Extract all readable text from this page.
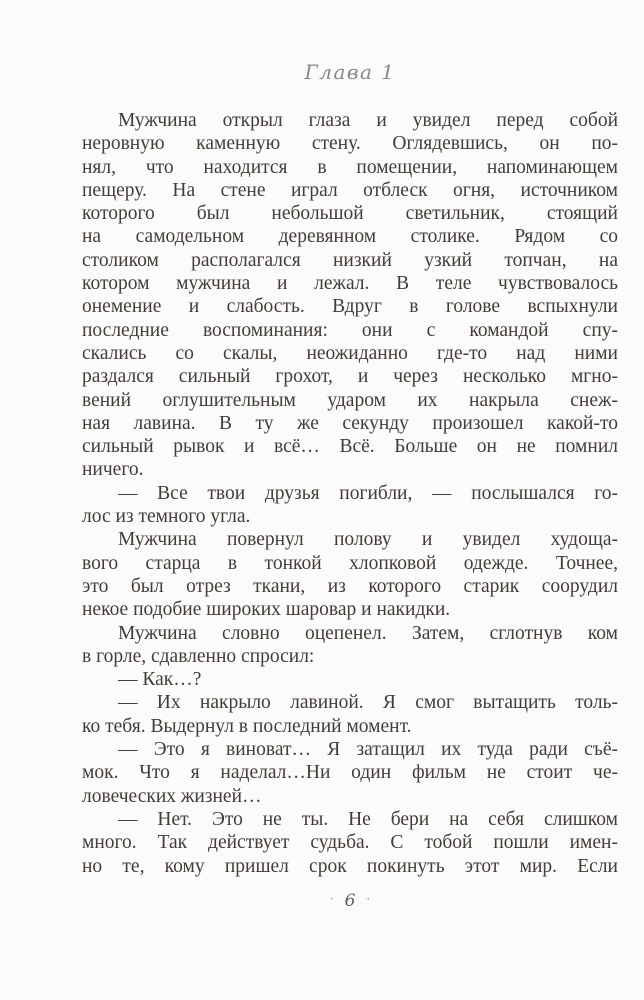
Глава 1
Мужчина открыл глаза и увидел перед собой
неровную каменную стену. Оглядевшись, он по-
нял, что находится в помещении, напоминающем
пещеру. На стене играл отблеск огня, источником
которого был небольшой светильник, стоящий
на самодельном деревянном столике. Рядом со
столиком располагался низкий узкий топчан, на
котором мужчина и лежал. В теле чувствовалось
онемение и слабость. Вдруг в голове вспыхнули
последние воспоминания: они с командой спу-
скались со скалы, неожиданно где-то над ними
раздался сильный грохот, и через несколько мгно-
вений оглушительным ударом их накрыла снеж-
ная лавина. В ту же секунду произошел какой-то
сильный рывок и всё… Всё. Больше он не помнил
ничего.
— Все твои друзья погибли, — послышался го-
лос из темного угла.
Мужчина повернул полову и увидел худоща-
вого старца в тонкой хлопковой одежде. Точнее,
это был отрез ткани, из которого старик соорудил
некое подобие широких шаровар и накидки.
Мужчина словно оцепенел. Затем, сглотнув ком
в горле, сдавленно спросил:
— Как…?
— Их накрыло лавиной. Я смог вытащить толь-
ко тебя. Выдернул в последний момент.
— Это я виноват… Я затащил их туда ради съё-
мок. Что я наделал…Ни один фильм не стоит че-
ловеческих жизней…
— Нет. Это не ты. Не бери на себя слишком
много. Так действует судьба. С тобой пошли имен-
но те, кому пришел срок покинуть этот мир. Если
· 6 ·
